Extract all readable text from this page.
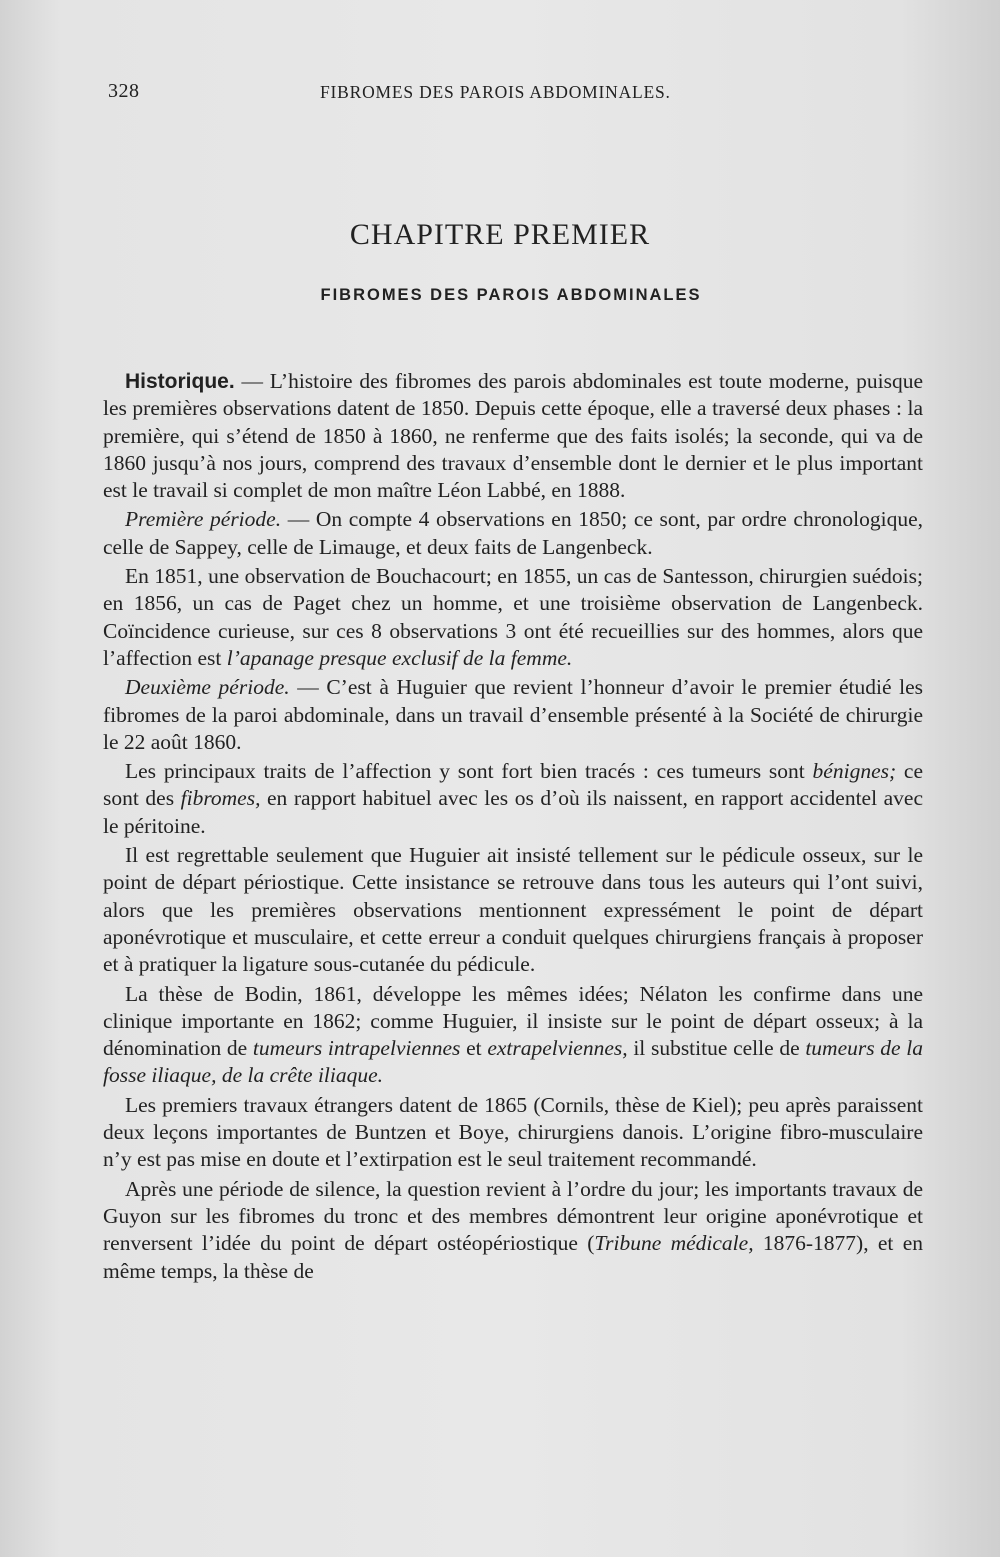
328	FIBROMES DES PAROIS ABDOMINALES.
CHAPITRE PREMIER
FIBROMES DES PAROIS ABDOMINALES

Historique. — L’histoire des fibromes des parois abdominales est toute moderne, puisque les premières observations datent de 1850. Depuis cette époque, elle a traversé deux phases : la première, qui s’étend de 1850 à 1860, ne renferme que des faits isolés; la seconde, qui va de 1860 jusqu’à nos jours, comprend des travaux d’ensemble dont le dernier et le plus important est le travail si complet de mon maître Léon Labbé, en 1888.

Première période. — On compte 4 observations en 1850; ce sont, par ordre chronologique, celle de Sappey, celle de Limauge, et deux faits de Langenbeck.

En 1851, une observation de Bouchacourt; en 1855, un cas de Santesson, chirurgien suédois; en 1856, un cas de Paget chez un homme, et une troisième observation de Langenbeck. Coïncidence curieuse, sur ces 8 observations 3 ont été recueillies sur des hommes, alors que l’affection est l’apanage presque exclusif de la femme.

Deuxième période. — C’est à Huguier que revient l’honneur d’avoir le premier étudié les fibromes de la paroi abdominale, dans un travail d’ensemble présenté à la Société de chirurgie le 22 août 1860.

Les principaux traits de l’affection y sont fort bien tracés : ces tumeurs sont bénignes; ce sont des fibromes, en rapport habituel avec les os d’où ils naissent, en rapport accidentel avec le péritoine.

Il est regrettable seulement que Huguier ait insisté tellement sur le pédicule osseux, sur le point de départ périostique. Cette insistance se retrouve dans tous les auteurs qui l’ont suivi, alors que les premières observations mentionnent expressément le point de départ aponévrotique et musculaire, et cette erreur a conduit quelques chirurgiens français à proposer et à pratiquer la ligature sous-cutanée du pédicule.

La thèse de Bodin, 1861, développe les mêmes idées; Nélaton les confirme dans une clinique importante en 1862; comme Huguier, il insiste sur le point de départ osseux; à la dénomination de tumeurs intrapelviennes et extrapelviennes, il substitue celle de tumeurs de la fosse iliaque, de la crête iliaque.

Les premiers travaux étrangers datent de 1865 (Cornils, thèse de Kiel); peu après paraissent deux leçons importantes de Buntzen et Boye, chirurgiens danois. L’origine fibro-musculaire n’y est pas mise en doute et l’extirpation est le seul traitement recommandé.

Après une période de silence, la question revient à l’ordre du jour; les importants travaux de Guyon sur les fibromes du tronc et des membres démontrent leur origine aponévrotique et renversent l’idée du point de départ ostéopériostique (Tribune médicale, 1876-1877), et en même temps, la thèse de
